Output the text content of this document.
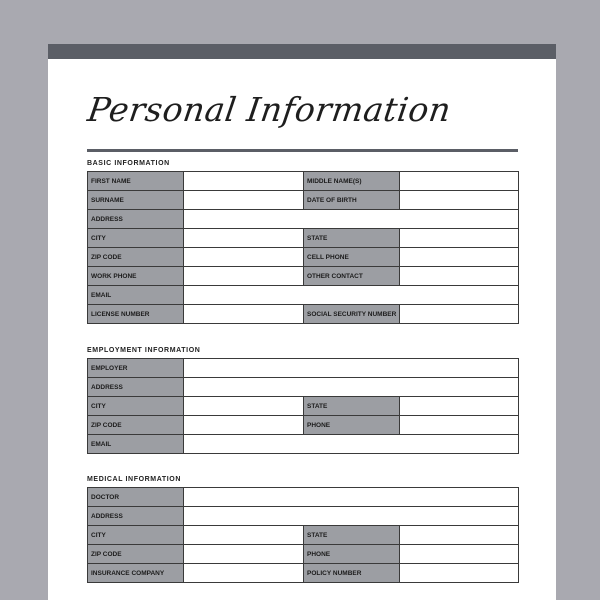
Personal Information
BASIC INFORMATION
FIRST NAME		MIDDLE NAME(S)	
SURNAME		DATE OF BIRTH	
ADDRESS			
CITY		STATE	
ZIP CODE		CELL PHONE	
WORK PHONE		OTHER CONTACT	
EMAIL			
LICENSE NUMBER		SOCIAL SECURITY NUMBER	
EMPLOYMENT INFORMATION
EMPLOYER			
ADDRESS			
CITY		STATE	
ZIP CODE		PHONE	
EMAIL			
MEDICAL INFORMATION
DOCTOR			
ADDRESS			
CITY		STATE	
ZIP CODE		PHONE	
INSURANCE COMPANY		POLICY NUMBER	
